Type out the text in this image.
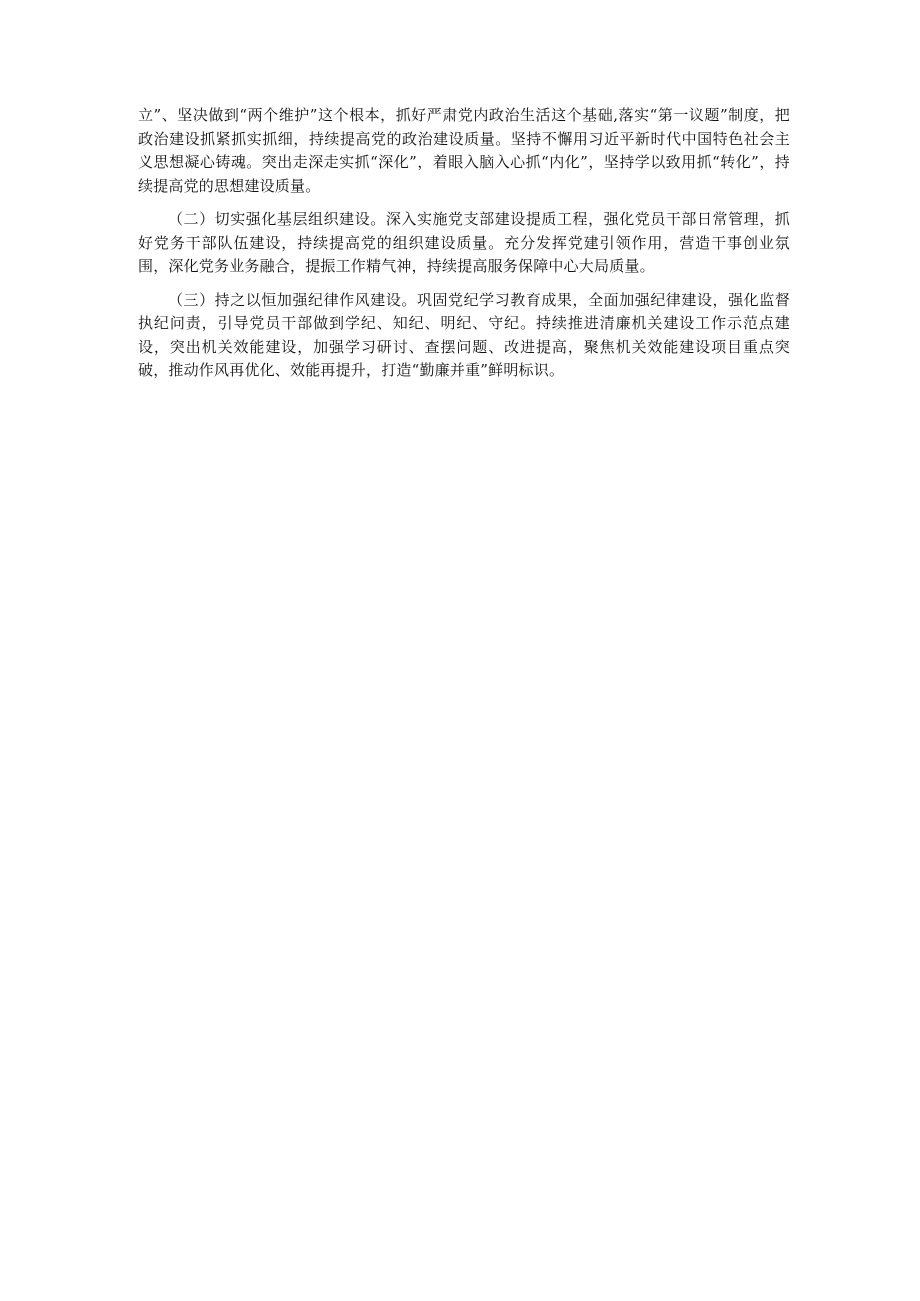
立”、坚决做到“两个维护”这个根本，抓好严肃党内政治生活这个基础,落实“第一议题”制度，把政治建设抓紧抓实抓细，持续提高党的政治建设质量。坚持不懈用习近平新时代中国特色社会主义思想凝心铸魂。突出走深走实抓“深化”，着眼入脑入心抓“内化”，坚持学以致用抓“转化”，持续提高党的思想建设质量。

（二）切实强化基层组织建设。深入实施党支部建设提质工程，强化党员干部日常管理，抓好党务干部队伍建设，持续提高党的组织建设质量。充分发挥党建引领作用，营造干事创业氛围，深化党务业务融合，提振工作精气神，持续提高服务保障中心大局质量。

（三）持之以恒加强纪律作风建设。巩固党纪学习教育成果，全面加强纪律建设，强化监督执纪问责，引导党员干部做到学纪、知纪、明纪、守纪。持续推进清廉机关建设工作示范点建设，突出机关效能建设，加强学习研讨、查摆问题、改进提高，聚焦机关效能建设项目重点突破，推动作风再优化、效能再提升，打造“勤廉并重”鲜明标识。
